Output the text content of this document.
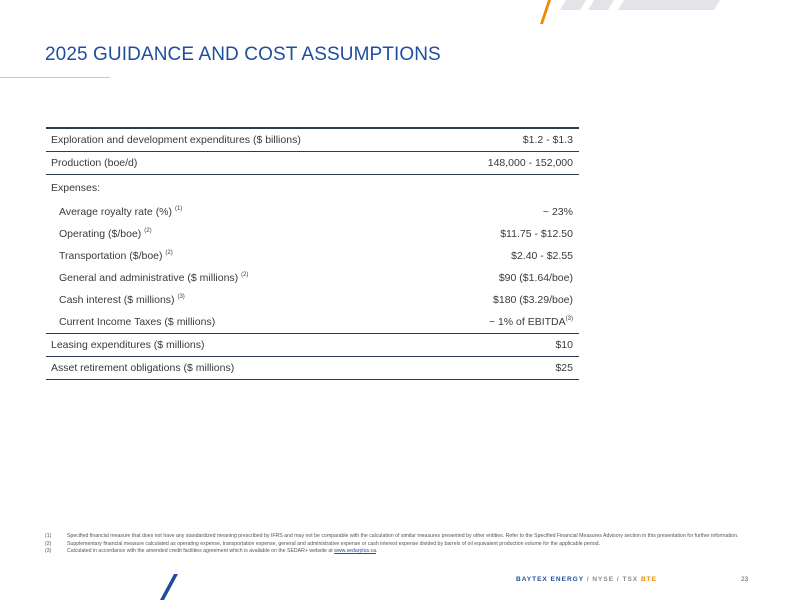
2025 GUIDANCE AND COST ASSUMPTIONS
Exploration and development expenditures ($ billions)	$1.2 - $1.3
Production (boe/d)	148,000 - 152,000
Expenses:	
Average royalty rate (%) $^{(1)}$	~ 23%
Operating ($/boe) $^{(2)}$	$11.75 - $12.50
Transportation ($/boe) $^{(2)}$	$2.40 - $2.55
General and administrative ($ millions) $^{(2)}$	$90 ($1.64/boe)
Cash interest ($ millions) $^{(3)}$	$180 ($3.29/boe)
Current Income Taxes ($ millions)	~ 1% of EBITDA$^{(3)}$
Leasing expenditures ($ millions)	$10
Asset retirement obligations ($ millions)	$25
(1)	Specified financial measure that does not have any standardized meaning prescribed by IFRS and may not be comparable with the calculation of similar measures presented by other entities. Refer to the Specified Financial Measures Advisory section in this presentation for further information.
(2)	Supplementary financial measure calculated as operating expense, transportation expense, general and administrative expense or cash interest expense divided by barrels of oil equivalent production volume for the applicable period.
(3)	Calculated in accordance with the amended credit facilities agreement which is available on the SEDAR+ website at www.sedarplus.ca.
BAYTEX ENERGY / NYSE / TSX BTE	23
